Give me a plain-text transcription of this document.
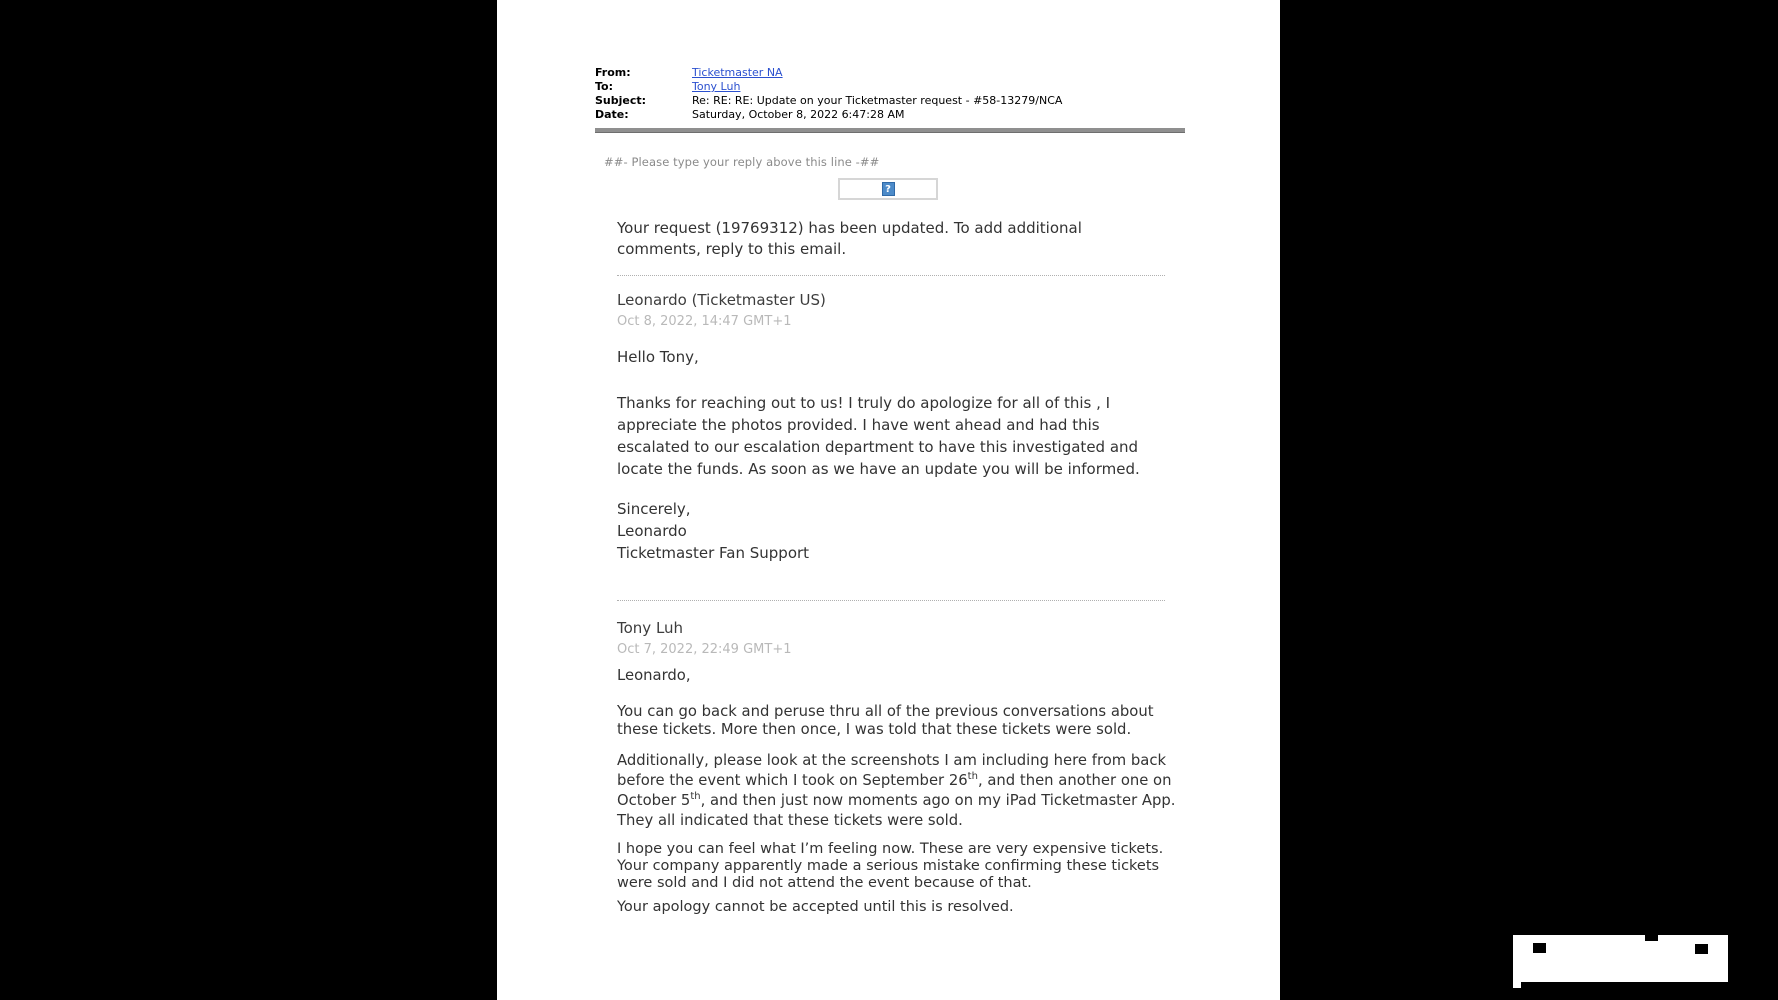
From:	Ticketmaster NA
To:	Tony Luh
Subject:	Re: RE: RE: Update on your Ticketmaster request - #58-13279/NCA
Date:	Saturday, October 8, 2022 6:47:28 AM
##- Please type your reply above this line -##
?
Your request (19769312) has been updated. To add additional
comments, reply to this email.
Leonardo (Ticketmaster US)
Oct 8, 2022, 14:47 GMT+1
Hello Tony,
Thanks for reaching out to us! I truly do apologize for all of this , I
appreciate the photos provided. I have went ahead and had this
escalated to our escalation department to have this investigated and
locate the funds. As soon as we have an update you will be informed.
Sincerely,
Leonardo
Ticketmaster Fan Support
Tony Luh
Oct 7, 2022, 22:49 GMT+1
Leonardo,
You can go back and peruse thru all of the previous conversations about
these tickets. More then once, I was told that these tickets were sold.
Additionally, please look at the screenshots I am including here from back
before the event which I took on September 26th, and then another one on
October 5th, and then just now moments ago on my iPad Ticketmaster App.
They all indicated that these tickets were sold.
I hope you can feel what I’m feeling now. These are very expensive tickets.
Your company apparently made a serious mistake confirming these tickets
were sold and I did not attend the event because of that.
Your apology cannot be accepted until this is resolved.
